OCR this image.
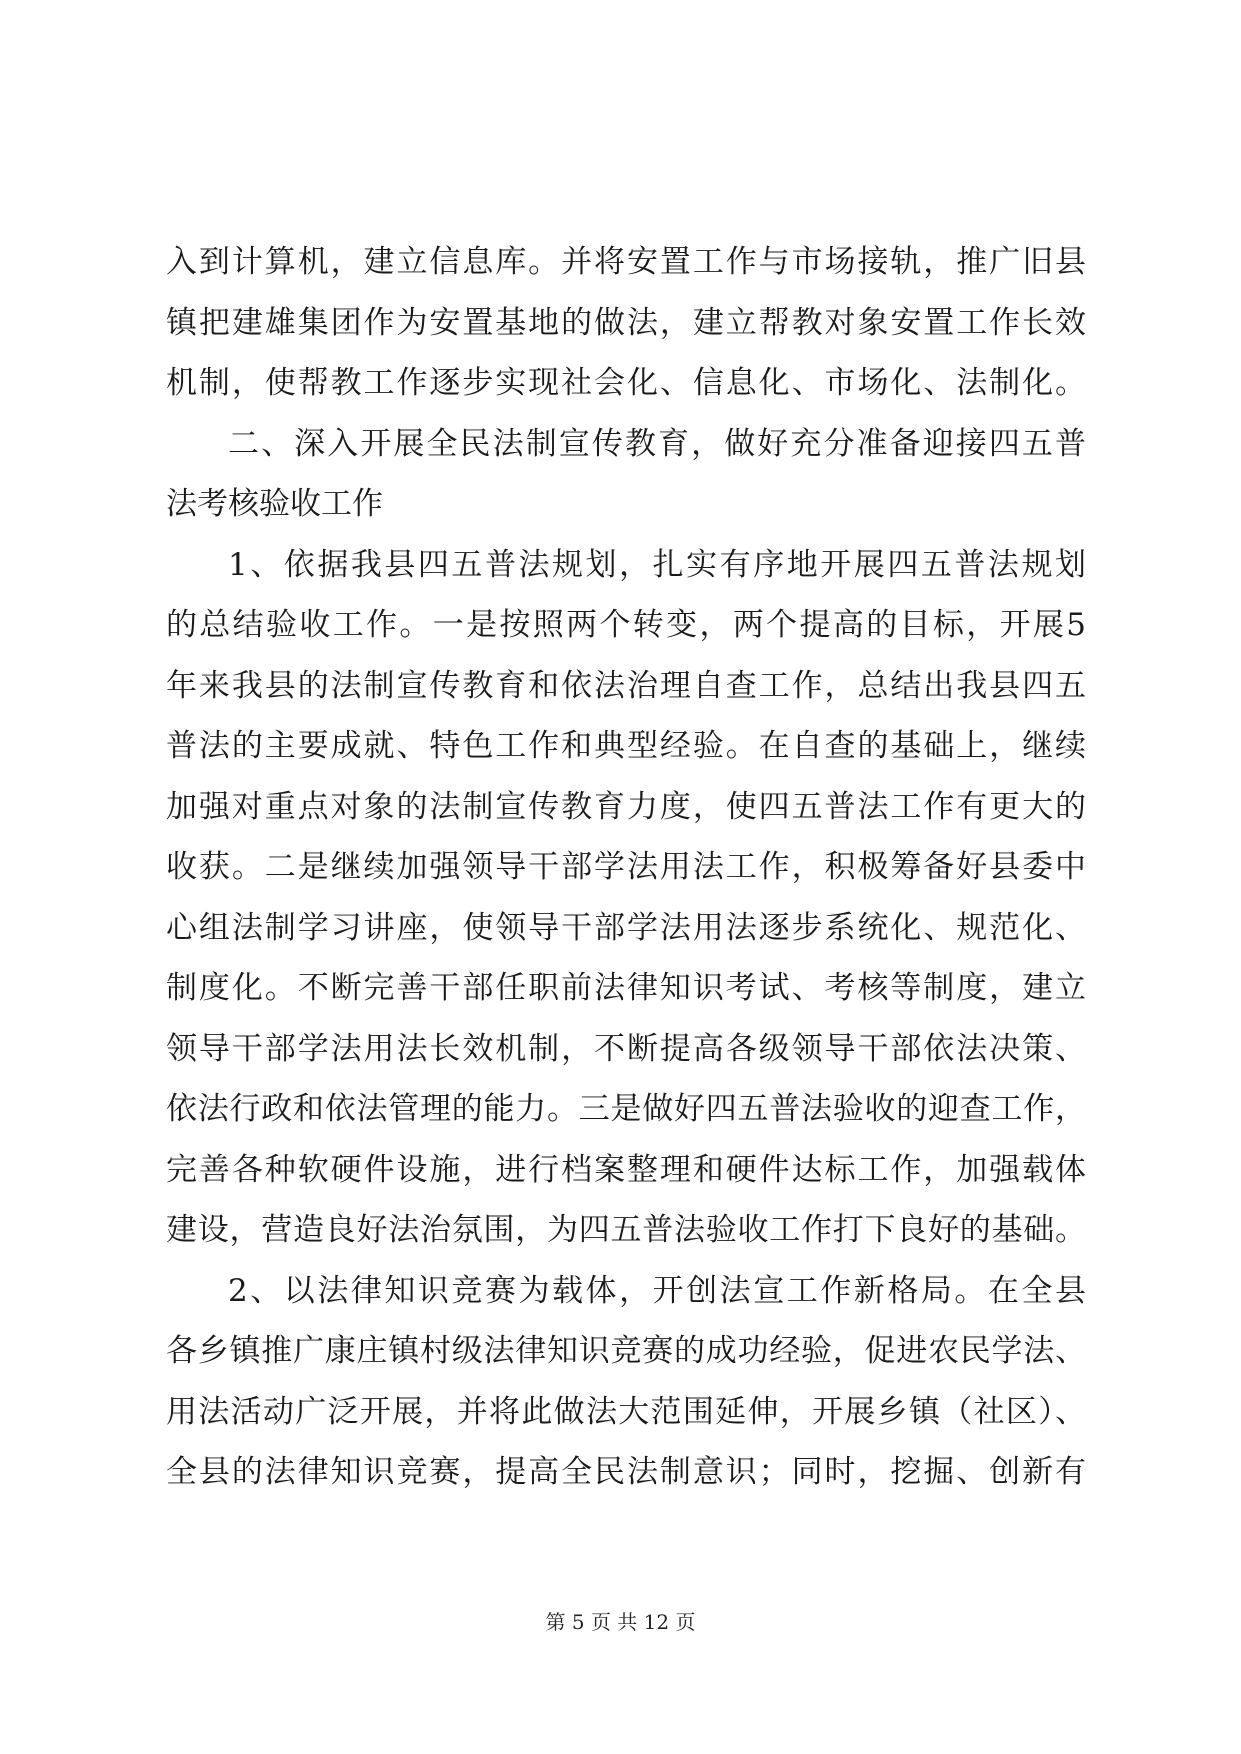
入到计算机，建立信息库。并将安置工作与市场接轨，推广旧县
镇把建雄集团作为安置基地的做法，建立帮教对象安置工作长效
机制，使帮教工作逐步实现社会化、信息化、市场化、法制化。
二、深入开展全民法制宣传教育，做好充分准备迎接四五普
法考核验收工作
1、依据我县四五普法规划，扎实有序地开展四五普法规划
的总结验收工作。一是按照两个转变，两个提高的目标，开展5
年来我县的法制宣传教育和依法治理自查工作，总结出我县四五
普法的主要成就、特色工作和典型经验。在自查的基础上，继续
加强对重点对象的法制宣传教育力度，使四五普法工作有更大的
收获。二是继续加强领导干部学法用法工作，积极筹备好县委中
心组法制学习讲座，使领导干部学法用法逐步系统化、规范化、
制度化。不断完善干部任职前法律知识考试、考核等制度，建立
领导干部学法用法长效机制，不断提高各级领导干部依法决策、
依法行政和依法管理的能力。三是做好四五普法验收的迎查工作，
完善各种软硬件设施，进行档案整理和硬件达标工作，加强载体
建设，营造良好法治氛围，为四五普法验收工作打下良好的基础。
2、以法律知识竞赛为载体，开创法宣工作新格局。在全县
各乡镇推广康庄镇村级法律知识竞赛的成功经验，促进农民学法、
用法活动广泛开展，并将此做法大范围延伸，开展乡镇（社区）、
全县的法律知识竞赛，提高全民法制意识；同时，挖掘、创新有
第 5 页 共 12 页
